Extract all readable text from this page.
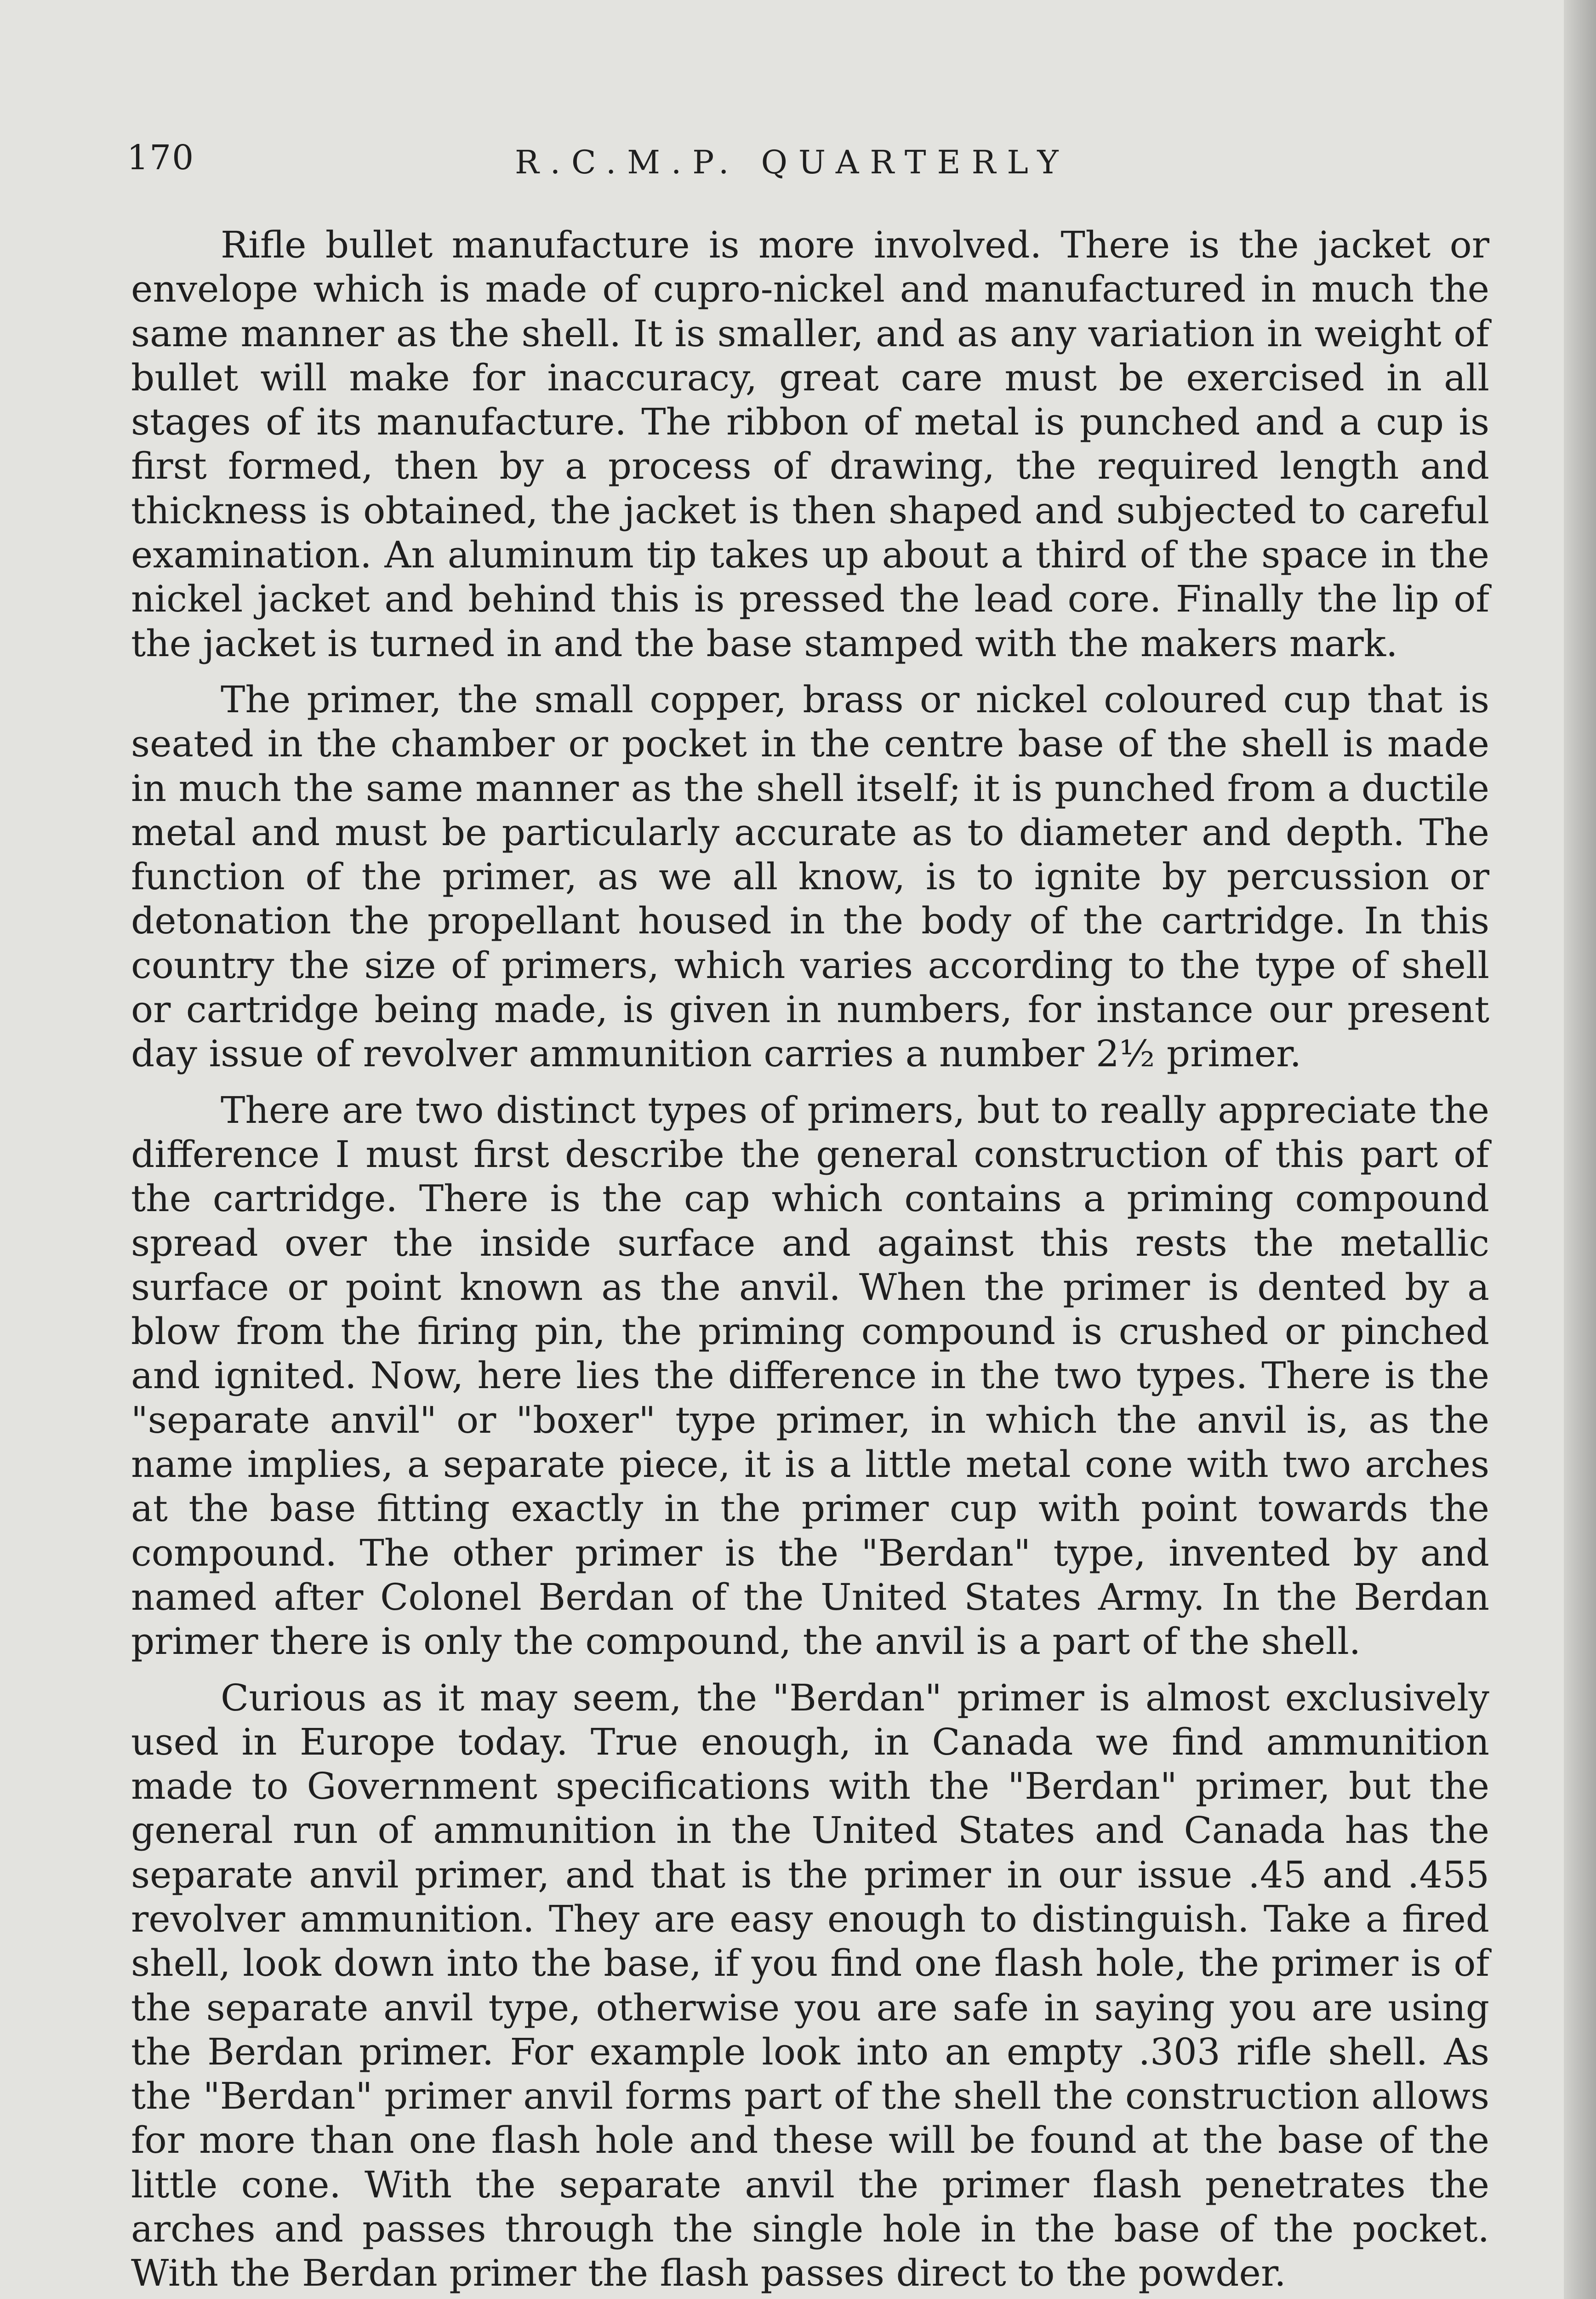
170	R.C.M.P. QUARTERLY

Rifle bullet manufacture is more involved. There is the jacket or envelope which is made of cupro-nickel and manufactured in much the same manner as the shell. It is smaller, and as any variation in weight of bullet will make for inaccuracy, great care must be exercised in all stages of its manufacture. The ribbon of metal is punched and a cup is first formed, then by a process of drawing, the required length and thickness is obtained, the jacket is then shaped and subjected to careful examination. An aluminum tip takes up about a third of the space in the nickel jacket and behind this is pressed the lead core. Finally the lip of the jacket is turned in and the base stamped with the makers mark.

The primer, the small copper, brass or nickel coloured cup that is seated in the chamber or pocket in the centre base of the shell is made in much the same manner as the shell itself; it is punched from a ductile metal and must be particularly accurate as to diameter and depth. The function of the primer, as we all know, is to ignite by percussion or detonation the propellant housed in the body of the cartridge. In this country the size of primers, which varies according to the type of shell or cartridge being made, is given in numbers, for instance our present day issue of revolver ammunition carries a number 2½ primer.

There are two distinct types of primers, but to really appreciate the difference I must first describe the general construction of this part of the cartridge. There is the cap which contains a priming compound spread over the inside surface and against this rests the metallic surface or point known as the anvil. When the primer is dented by a blow from the firing pin, the priming compound is crushed or pinched and ignited. Now, here lies the difference in the two types. There is the "separate anvil" or "boxer" type primer, in which the anvil is, as the name implies, a separate piece, it is a little metal cone with two arches at the base fitting exactly in the primer cup with point towards the compound. The other primer is the "Berdan" type, invented by and named after Colonel Berdan of the United States Army. In the Berdan primer there is only the compound, the anvil is a part of the shell.

Curious as it may seem, the "Berdan" primer is almost exclusively used in Europe today. True enough, in Canada we find ammunition made to Government specifications with the "Berdan" primer, but the general run of ammunition in the United States and Canada has the separate anvil primer, and that is the primer in our issue .45 and .455 revolver ammunition. They are easy enough to distinguish. Take a fired shell, look down into the base, if you find one flash hole, the primer is of the separate anvil type, otherwise you are safe in saying you are using the Berdan primer. For example look into an empty .303 rifle shell. As the "Berdan" primer anvil forms part of the shell the construction allows for more than one flash hole and these will be found at the base of the little cone. With the separate anvil the primer flash penetrates the arches and passes through the single hole in the base of the pocket. With the Berdan primer the flash passes direct to the powder.
